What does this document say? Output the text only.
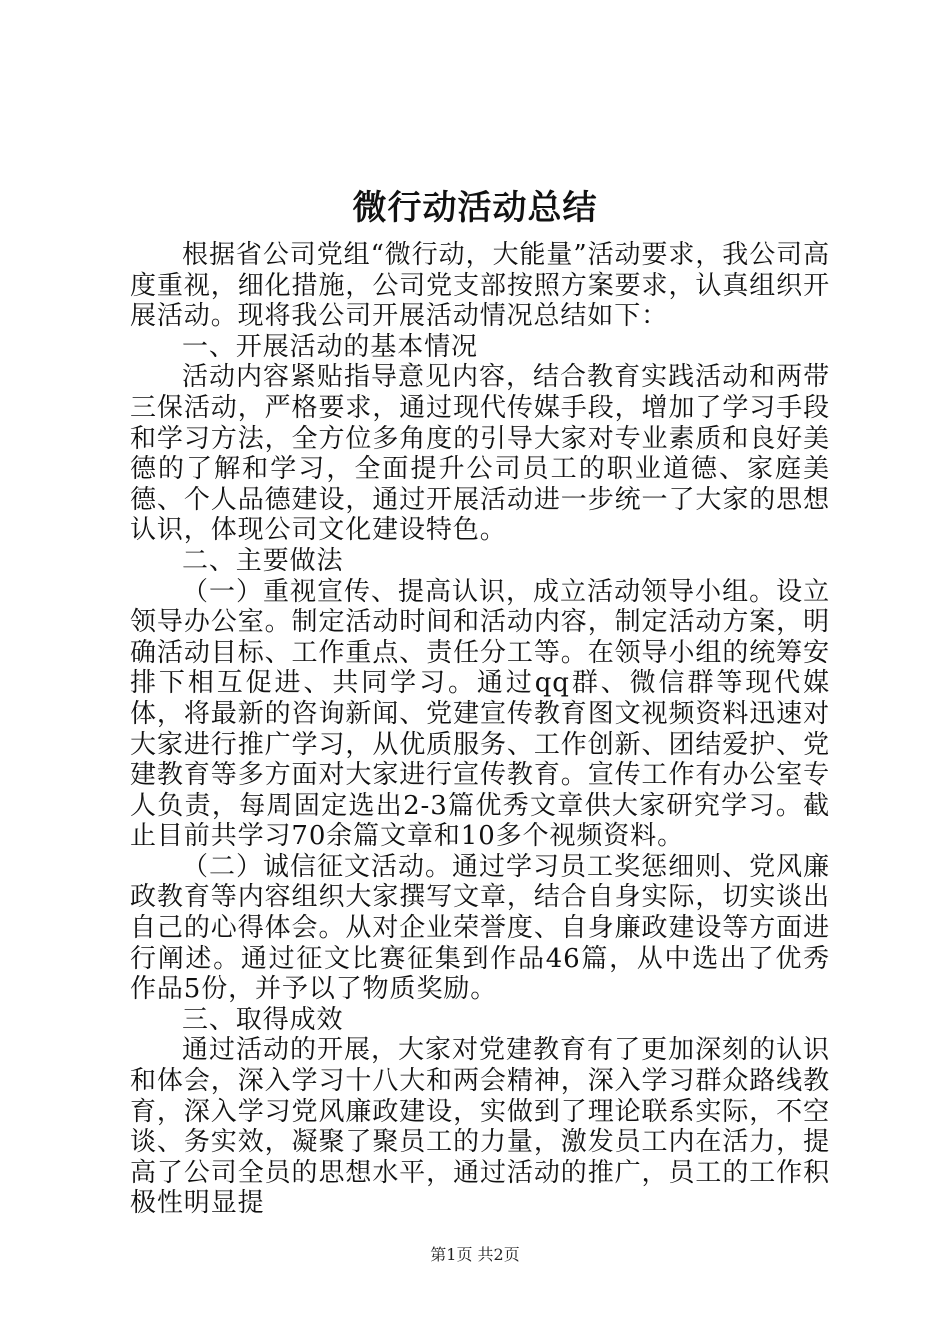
微行动活动总结

根据省公司党组“微行动，大能量”活动要求，我公司高度重视，细化措施，公司党支部按照方案要求，认真组织开展活动。现将我公司开展活动情况总结如下：

一、开展活动的基本情况

活动内容紧贴指导意见内容，结合教育实践活动和两带三保活动，严格要求，通过现代传媒手段，增加了学习手段和学习方法，全方位多角度的引导大家对专业素质和良好美德的了解和学习，全面提升公司员工的职业道德、家庭美德、个人品德建设，通过开展活动进一步统一了大家的思想认识，体现公司文化建设特色。

二、主要做法

（一）重视宣传、提高认识，成立活动领导小组。设立领导办公室。制定活动时间和活动内容，制定活动方案，明确活动目标、工作重点、责任分工等。在领导小组的统筹安排下相互促进、共同学习。通过qq群、微信群等现代媒体，将最新的咨询新闻、党建宣传教育图文视频资料迅速对大家进行推广学习，从优质服务、工作创新、团结爱护、党建教育等多方面对大家进行宣传教育。宣传工作有办公室专人负责，每周固定选出2-3篇优秀文章供大家研究学习。截止目前共学习70余篇文章和10多个视频资料。

（二）诚信征文活动。通过学习员工奖惩细则、党风廉政教育等内容组织大家撰写文章，结合自身实际，切实谈出自己的心得体会。从对企业荣誉度、自身廉政建设等方面进行阐述。通过征文比赛征集到作品46篇，从中选出了优秀作品5份，并予以了物质奖励。

三、取得成效

通过活动的开展，大家对党建教育有了更加深刻的认识和体会，深入学习十八大和两会精神，深入学习群众路线教育，深入学习党风廉政建设，实做到了理论联系实际，不空谈、务实效，凝聚了聚员工的力量，激发员工内在活力，提高了公司全员的思想水平，通过活动的推广，员工的工作积极性明显提

第1页 共2页
